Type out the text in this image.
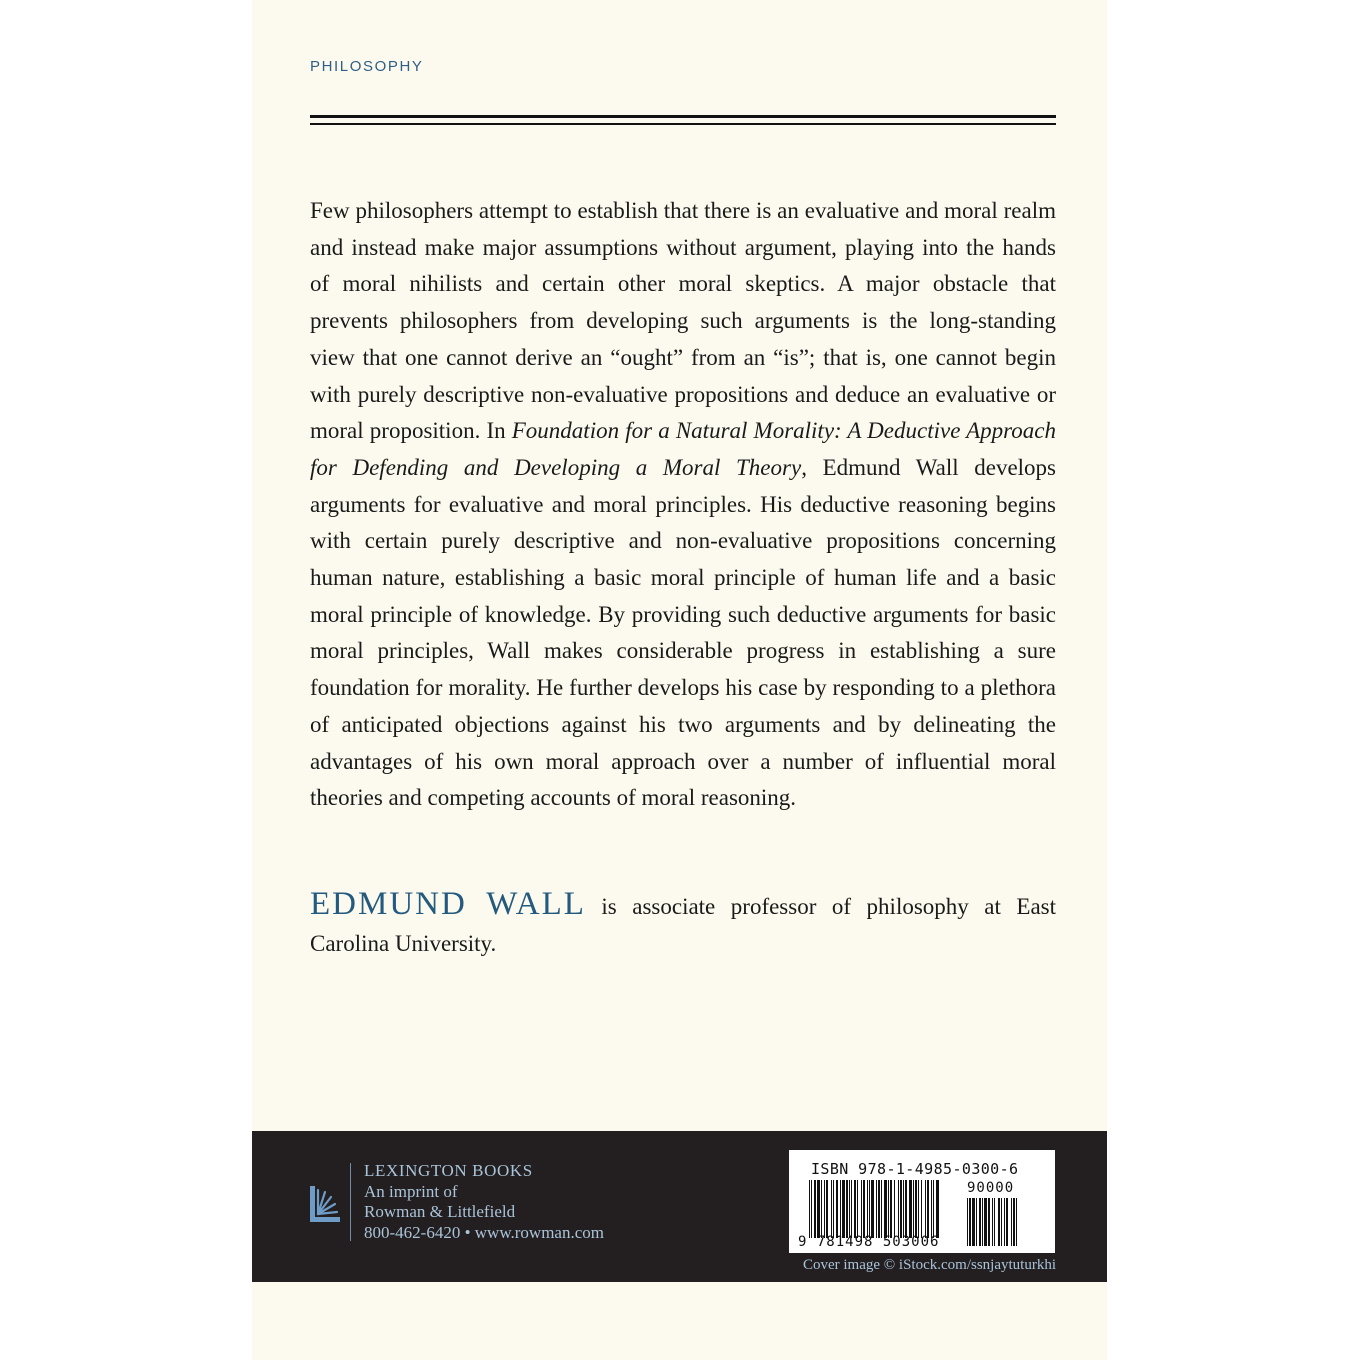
PHILOSOPHY

Few philosophers attempt to establish that there is an evaluative and moral realm and instead make major assumptions without argument, playing into the hands of moral nihilists and certain other moral skeptics. A major obstacle that prevents philosophers from developing such arguments is the long-standing view that one cannot derive an “ought” from an “is”; that is, one cannot begin with purely descriptive non-evaluative propositions and deduce an evaluative or moral proposition. In Foundation for a Natural Morality: A Deductive Approach for Defending and Developing a Moral Theory, Edmund Wall develops arguments for evaluative and moral principles. His deductive reasoning begins with certain purely descriptive and non-evaluative propositions concerning human nature, establishing a basic moral principle of human life and a basic moral principle of knowledge. By providing such deductive arguments for basic moral principles, Wall makes considerable progress in establishing a sure foundation for morality. He further develops his case by responding to a plethora of anticipated objections against his two arguments and by delineating the advantages of his own moral approach over a number of influential moral theories and competing accounts of moral reasoning.

EDMUND WALL is associate professor of philosophy at East Carolina University.

LEXINGTON BOOKS
An imprint of
Rowman & Littlefield
800-462-6420 • www.rowman.com
ISBN 978-1-4985-0300-6
9 781498 503006
90000
Cover image © iStock.com/ssnjaytuturkhi
